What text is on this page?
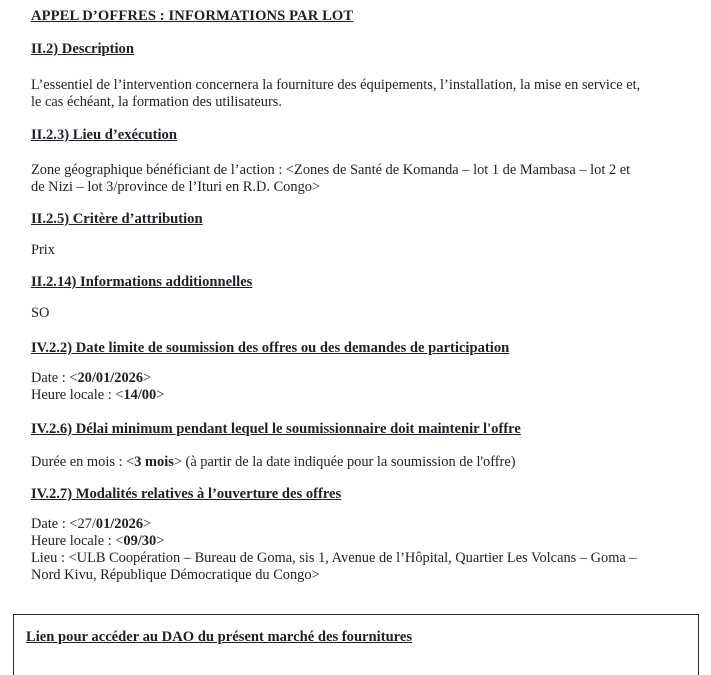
APPEL D’OFFRES : INFORMATIONS PAR LOT
II.2) Description
L’essentiel de l’intervention concernera la fourniture des équipements, l’installation, la mise en service et,
le cas échéant, la formation des utilisateurs.
II.2.3) Lieu d’exécution
Zone géographique bénéficiant de l’action : <Zones de Santé de Komanda – lot 1 de Mambasa – lot 2 et
de Nizi – lot 3/province de l’Ituri en R.D. Congo>
II.2.5) Critère d’attribution
Prix
II.2.14) Informations additionnelles
SO
IV.2.2) Date limite de soumission des offres ou des demandes de participation
Date : <20/01/2026>
Heure locale : <14/00>
IV.2.6) Délai minimum pendant lequel le soumissionnaire doit maintenir l'offre
Durée en mois : <3 mois> (à partir de la date indiquée pour la soumission de l'offre)
IV.2.7) Modalités relatives à l’ouverture des offres
Date : <27/01/2026>
Heure locale : <09/30>
Lieu : <ULB Coopération – Bureau de Goma, sis 1, Avenue de l’Hôpital, Quartier Les Volcans – Goma –
Nord Kivu, République Démocratique du Congo>
Lien pour accéder au DAO du présent marché des fournitures
